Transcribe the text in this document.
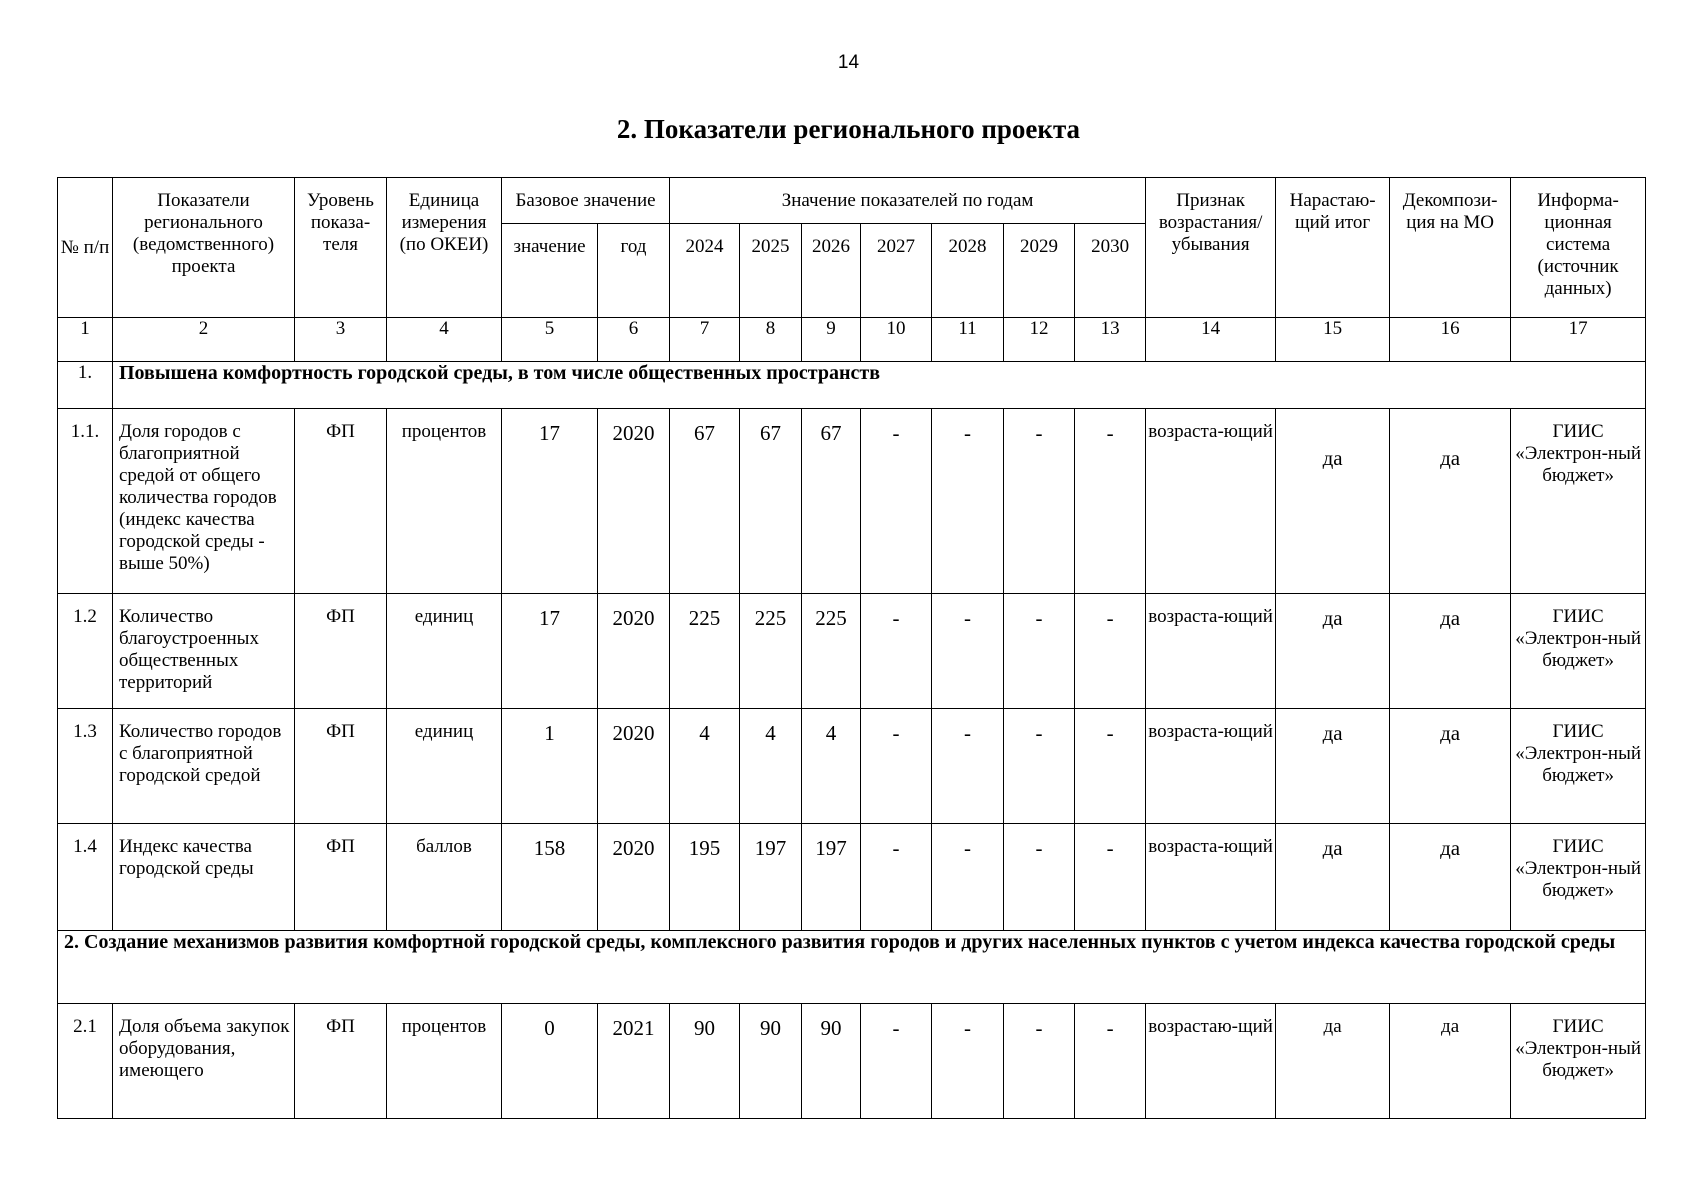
14
2. Показатели регионального проекта
№ п/п	Показатели регионального (ведомственного) проекта	Уровень показа-теля	Единица измерения (по ОКЕИ)	Базовое значение		Значение показателей по годам							Признак возрастания/ убывания	Нарастаю-щий итог	Декомпози-ция на МО	Информа-ционная система (источник данных)
				значение	год	2024	2025	2026	2027	2028	2029	2030				
1	2	3	4	5	6	7	8	9	10	11	12	13	14	15	16	17
1.	Повышена комфортность городской среды, в том числе общественных пространств															
1.1.	Доля городов с благоприятной средой от общего количества городов (индекс качества городской среды - выше 50%)	ФП	процентов	17	2020	67	67	67	-	-	-	-	возраста-ющий	да	да	ГИИС «Электрон-ный бюджет»
1.2	Количество благоустроенных общественных территорий	ФП	единиц	17	2020	225	225	225	-	-	-	-	возраста-ющий	да	да	ГИИС «Электрон-ный бюджет»
1.3	Количество городов с благоприятной городской средой	ФП	единиц	1	2020	4	4	4	-	-	-	-	возраста-ющий	да	да	ГИИС «Электрон-ный бюджет»
1.4	Индекс качества городской среды	ФП	баллов	158	2020	195	197	197	-	-	-	-	возраста-ющий	да	да	ГИИС «Электрон-ный бюджет»
2. Создание механизмов развития комфортной городской среды, комплексного развития городов и других населенных пунктов с учетом индекса качества городской среды																
2.1	Доля объема закупок оборудования, имеющего	ФП	процентов	0	2021	90	90	90	-	-	-	-	возрастаю-щий	да	да	ГИИС «Электрон-ный бюджет»
